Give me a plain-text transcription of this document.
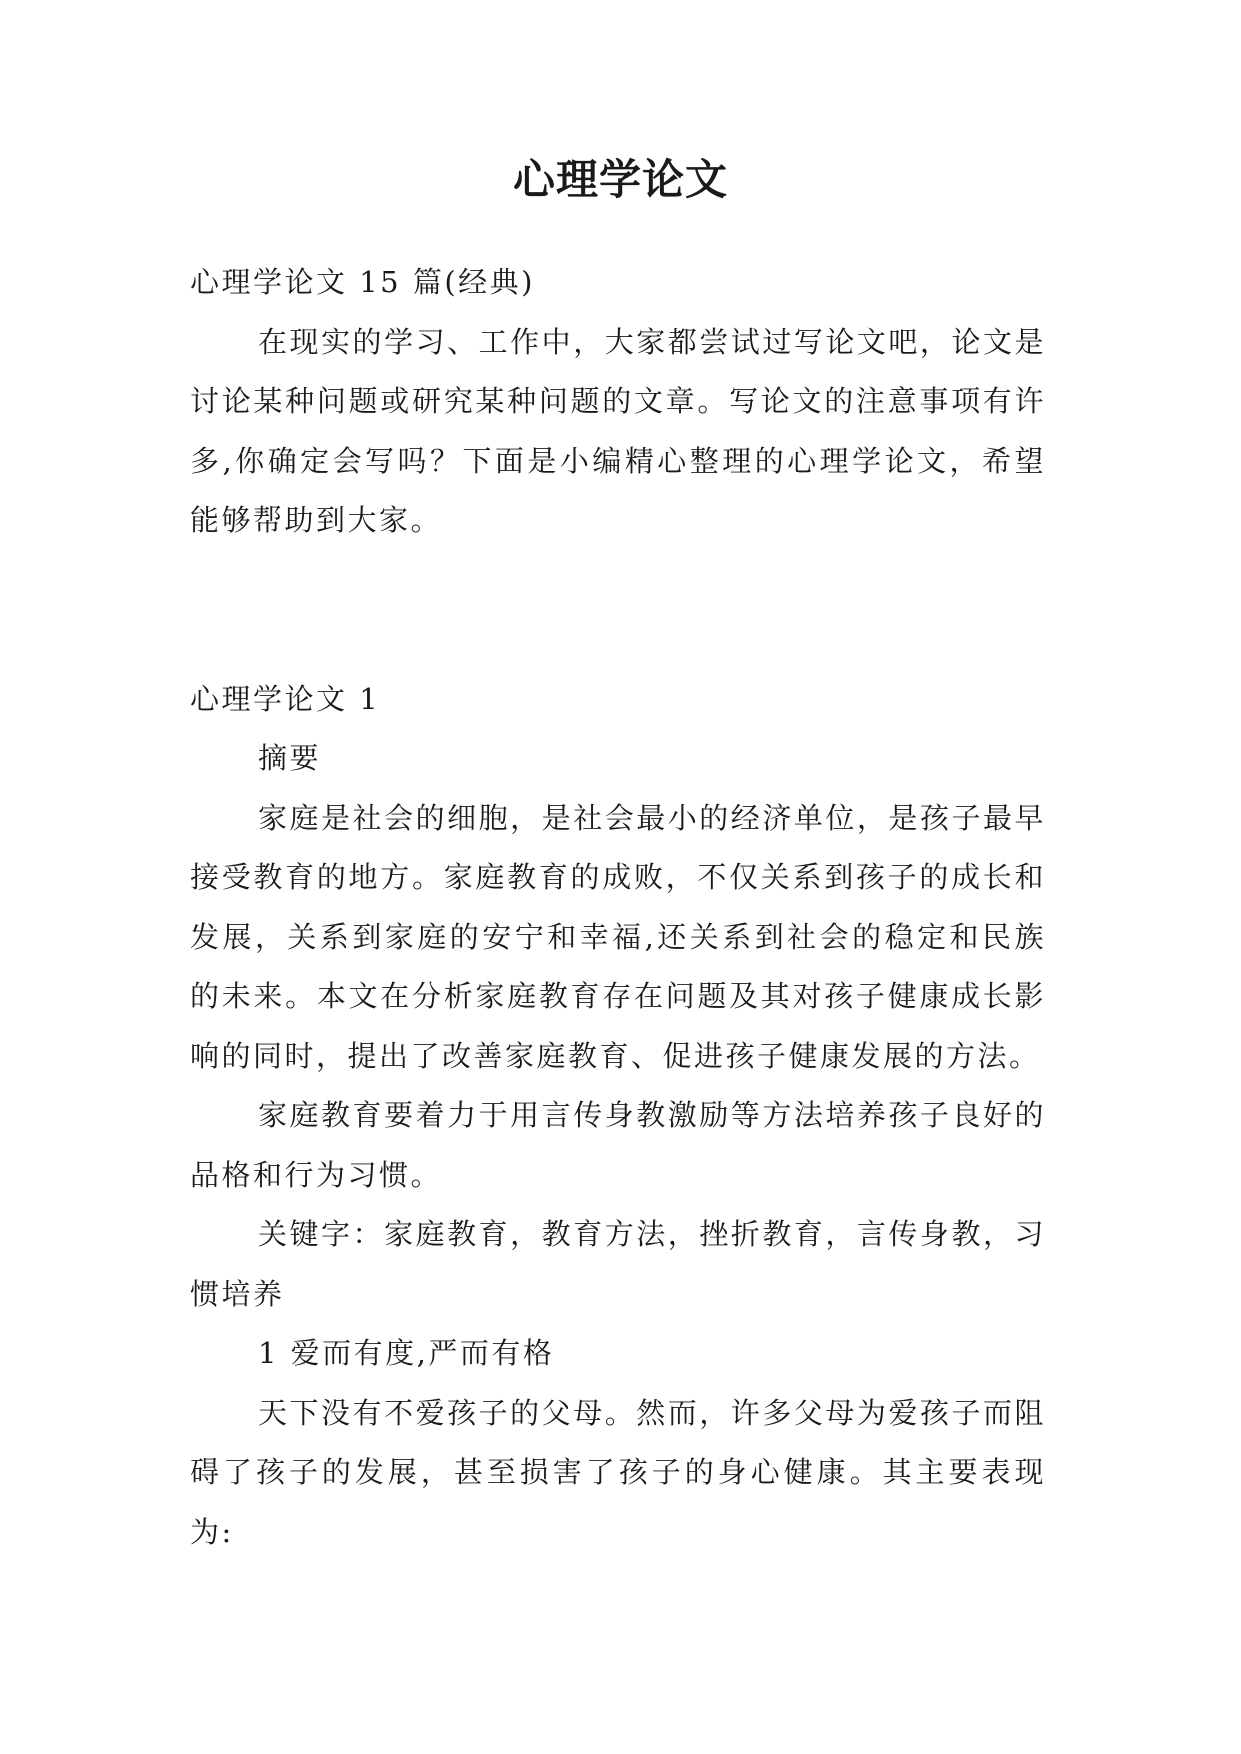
心理学论文

心理学论文 15 篇(经典)

在现实的学习、工作中，大家都尝试过写论文吧，论文是讨论某种问题或研究某种问题的文章。写论文的注意事项有许多,你确定会写吗？下面是小编精心整理的心理学论文，希望能够帮助到大家。

心理学论文 1

摘要

家庭是社会的细胞，是社会最小的经济单位，是孩子最早接受教育的地方。家庭教育的成败，不仅关系到孩子的成长和发展，关系到家庭的安宁和幸福,还关系到社会的稳定和民族的未来。本文在分析家庭教育存在问题及其对孩子健康成长影响的同时，提出了改善家庭教育、促进孩子健康发展的方法。

家庭教育要着力于用言传身教激励等方法培养孩子良好的品格和行为习惯。

关键字：家庭教育，教育方法，挫折教育，言传身教，习惯培养

1 爱而有度,严而有格

天下没有不爱孩子的父母。然而，许多父母为爱孩子而阻碍了孩子的发展，甚至损害了孩子的身心健康。其主要表现为:
